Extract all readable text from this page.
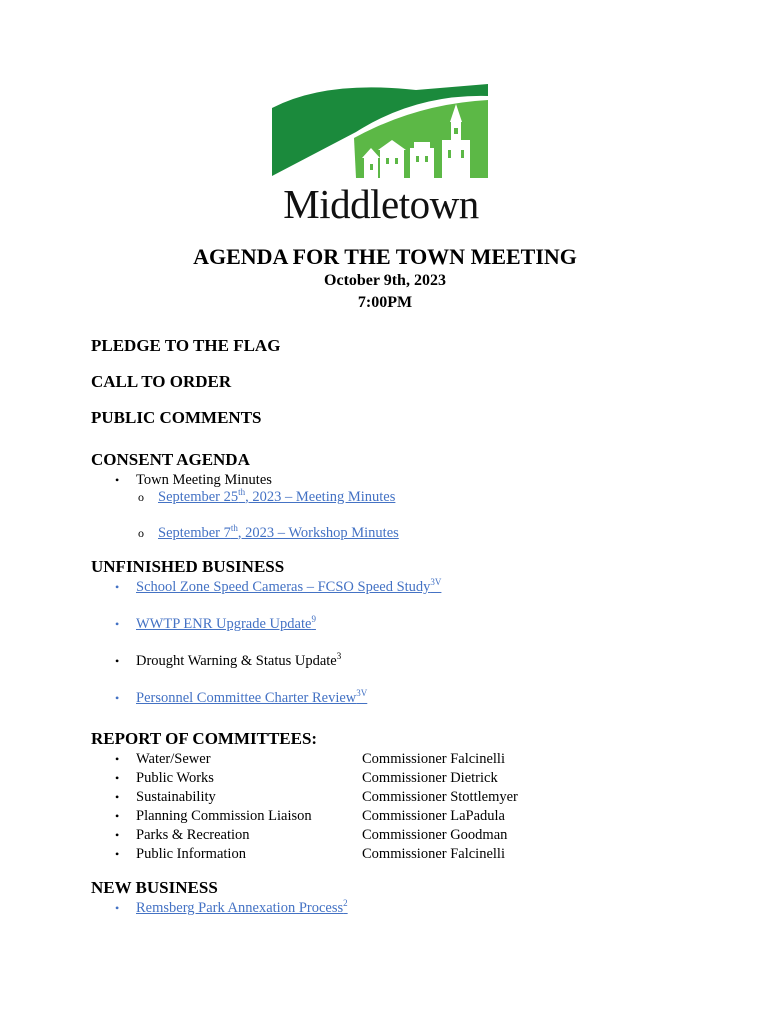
Middletown
AGENDA FOR THE TOWN MEETING
October 9th, 2023
7:00PM
PLEDGE TO THE FLAG
CALL TO ORDER
PUBLIC COMMENTS
CONSENT AGENDA
• Town Meeting Minutes
o September 25th, 2023 – Meeting Minutes
o September 7th, 2023 – Workshop Minutes
UNFINISHED BUSINESS
• School Zone Speed Cameras – FCSO Speed Study$^{3V}$
• WWTP ENR Upgrade Update$^9$
• Drought Warning & Status Update$^3$
• Personnel Committee Charter Review$^{3V}$
REPORT OF COMMITTEES:
• Water/Sewer	Commissioner Falcinelli
• Public Works	Commissioner Dietrick
• Sustainability	Commissioner Stottlemyer
• Planning Commission Liaison	Commissioner LaPadula
• Parks & Recreation	Commissioner Goodman
• Public Information	Commissioner Falcinelli
NEW BUSINESS
• Remsberg Park Annexation Process$^2$
